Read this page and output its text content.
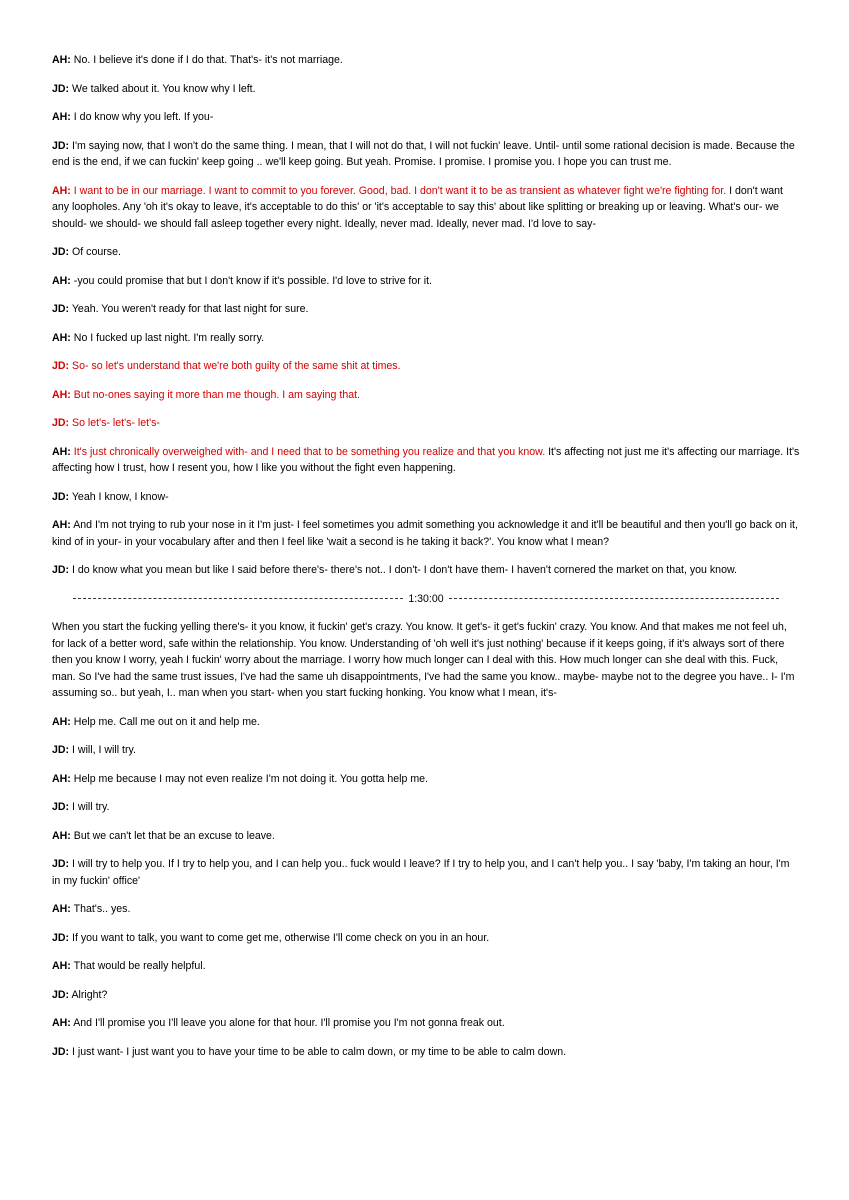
AH: No. I believe it's done if I do that. That's- it's not marriage.

JD: We talked about it. You know why I left.

AH: I do know why you left. If you-

JD: I'm saying now, that I won't do the same thing. I mean, that I will not do that, I will not fuckin' leave. Until- until some rational decision is made. Because the end is the end, if we can fuckin' keep going .. we'll keep going. But yeah. Promise. I promise. I promise you. I hope you can trust me.

AH: I want to be in our marriage. I want to commit to you forever. Good, bad. I don't want it to be as transient as whatever fight we're fighting for. I don't want any loopholes. Any 'oh it's okay to leave, it's acceptable to do this' or 'it's acceptable to say this' about like splitting or breaking up or leaving. What's our- we should- we should- we should fall asleep together every night. Ideally, never mad. Ideally, never mad. I'd love to say-

JD: Of course.

AH: -you could promise that but I don't know if it's possible. I'd love to strive for it.

JD: Yeah. You weren't ready for that last night for sure.

AH: No I fucked up last night. I'm really sorry.

JD: So- so let's understand that we're both guilty of the same shit at times.

AH: But no-ones saying it more than me though. I am saying that.

JD: So let's- let's- let's-

AH: It's just chronically overweighed with- and I need that to be something you realize and that you know. It's affecting not just me it's affecting our marriage. It's affecting how I trust, how I resent you, how I like you without the fight even happening.

JD: Yeah I know, I know-

AH: And I'm not trying to rub your nose in it I'm just- I feel sometimes you admit something you acknowledge it and it'll be beautiful and then you'll go back on it, kind of in your- in your vocabulary after and then I feel like 'wait a second is he taking it back?'. You know what I mean?

JD: I do know what you mean but like I said before there's- there's not.. I don't- I don't have them- I haven't cornered the market on that, you know.

1:30:00

When you start the fucking yelling there's- it you know, it fuckin' get's crazy. You know. It get's- it get's fuckin' crazy. You know. And that makes me not feel uh, for lack of a better word, safe within the relationship. You know. Understanding of 'oh well it's just nothing' because if it keeps going, if it's always sort of there then you know I worry, yeah I fuckin' worry about the marriage. I worry how much longer can I deal with this. How much longer can she deal with this. Fuck, man. So I've had the same trust issues, I've had the same uh disappointments, I've had the same you know.. maybe- maybe not to the degree you have.. I- I'm assuming so.. but yeah, I.. man when you start- when you start fucking honking. You know what I mean, it's-

AH: Help me. Call me out on it and help me.

JD: I will, I will try.

AH: Help me because I may not even realize I'm not doing it. You gotta help me.

JD: I will try.

AH: But we can't let that be an excuse to leave.

JD: I will try to help you. If I try to help you, and I can help you.. fuck would I leave? If I try to help you, and I can't help you.. I say 'baby, I'm taking an hour, I'm in my fuckin' office'

AH: That's.. yes.

JD: If you want to talk, you want to come get me, otherwise I'll come check on you in an hour.

AH: That would be really helpful.

JD: Alright?

AH: And I'll promise you I'll leave you alone for that hour. I'll promise you I'm not gonna freak out.

JD: I just want- I just want you to have your time to be able to calm down, or my time to be able to calm down.
